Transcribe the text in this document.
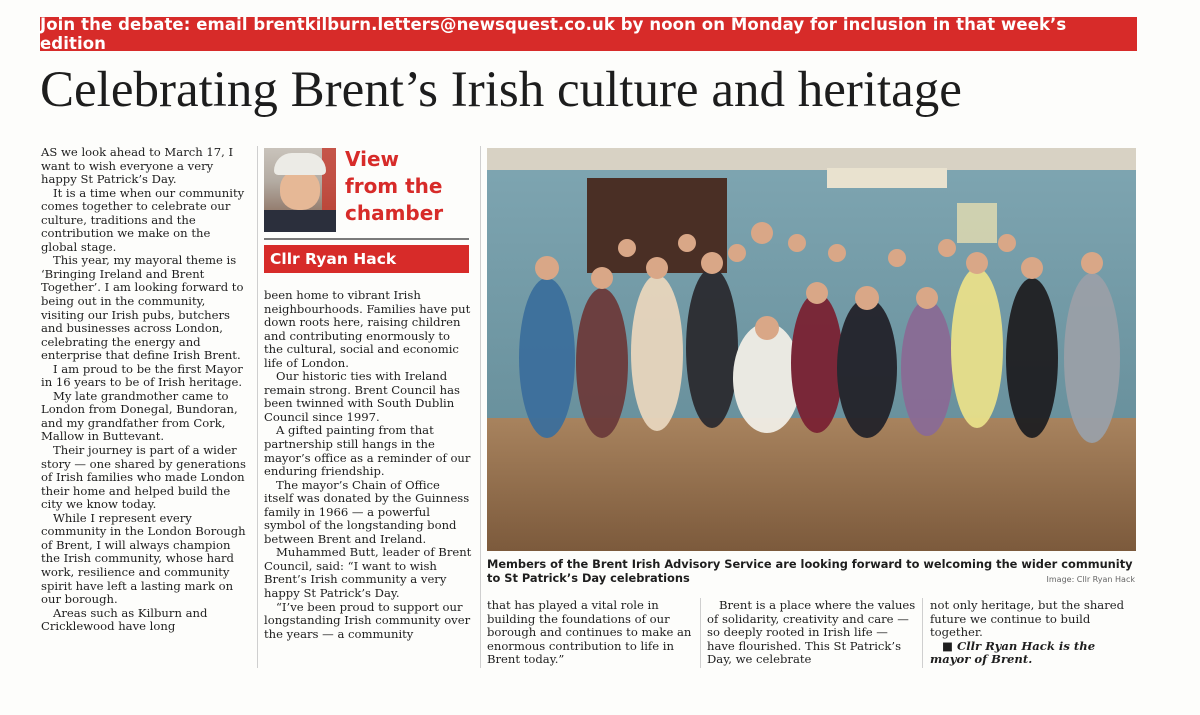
Join the debate: email brentkilburn.letters@newsquest.co.uk by noon on Monday for inclusion in that week’s edition
Celebrating Brent’s Irish culture and heritage

AS we look ahead to March 17, I want to wish everyone a very happy St Patrick’s Day.

It is a time when our community comes together to celebrate our culture, traditions and the contribution we make on the global stage.

This year, my mayoral theme is ‘Bringing Ireland and Brent Together’. I am looking forward to being out in the community, visiting our Irish pubs, butchers and businesses across London, celebrating the energy and enterprise that define Irish Brent.

I am proud to be the first Mayor in 16 years to be of Irish heritage.

My late grandmother came to London from Donegal, Bundoran, and my grandfather from Cork, Mallow in Buttevant.

Their journey is part of a wider story — one shared by generations of Irish families who made London their home and helped build the city we know today.

While I represent every community in the London Borough of Brent, I will always champion the Irish community, whose hard work, resilience and community spirit have left a lasting mark on our borough.

Areas such as Kilburn and Cricklewood have long

View
from the
chamber
Cllr Ryan Hack

been home to vibrant Irish neighbourhoods. Families have put down roots here, raising children and contributing enormously to the cultural, social and economic life of London.

Our historic ties with Ireland remain strong. Brent Council has been twinned with South Dublin Council since 1997.

A gifted painting from that partnership still hangs in the mayor’s office as a reminder of our enduring friendship.

The mayor’s Chain of Office itself was donated by the Guinness family in 1966 — a powerful symbol of the longstanding bond between Brent and Ireland.

Muhammed Butt, leader of Brent Council, said: “I want to wish Brent’s Irish community a very happy St Patrick’s Day.

“I’ve been proud to support our longstanding Irish community over the years — a community

Members of the Brent Irish Advisory Service are looking forward to welcoming the wider community to St Patrick’s Day celebrations	Image: Cllr Ryan Hack

that has played a vital role in building the foundations of our borough and continues to make an enormous contribution to life in Brent today.”

Brent is a place where the values of solidarity, creativity and care — so deeply rooted in Irish life — have flourished. This St Patrick’s Day, we celebrate

not only heritage, but the shared future we continue to build together.

■ Cllr Ryan Hack is the mayor of Brent.
